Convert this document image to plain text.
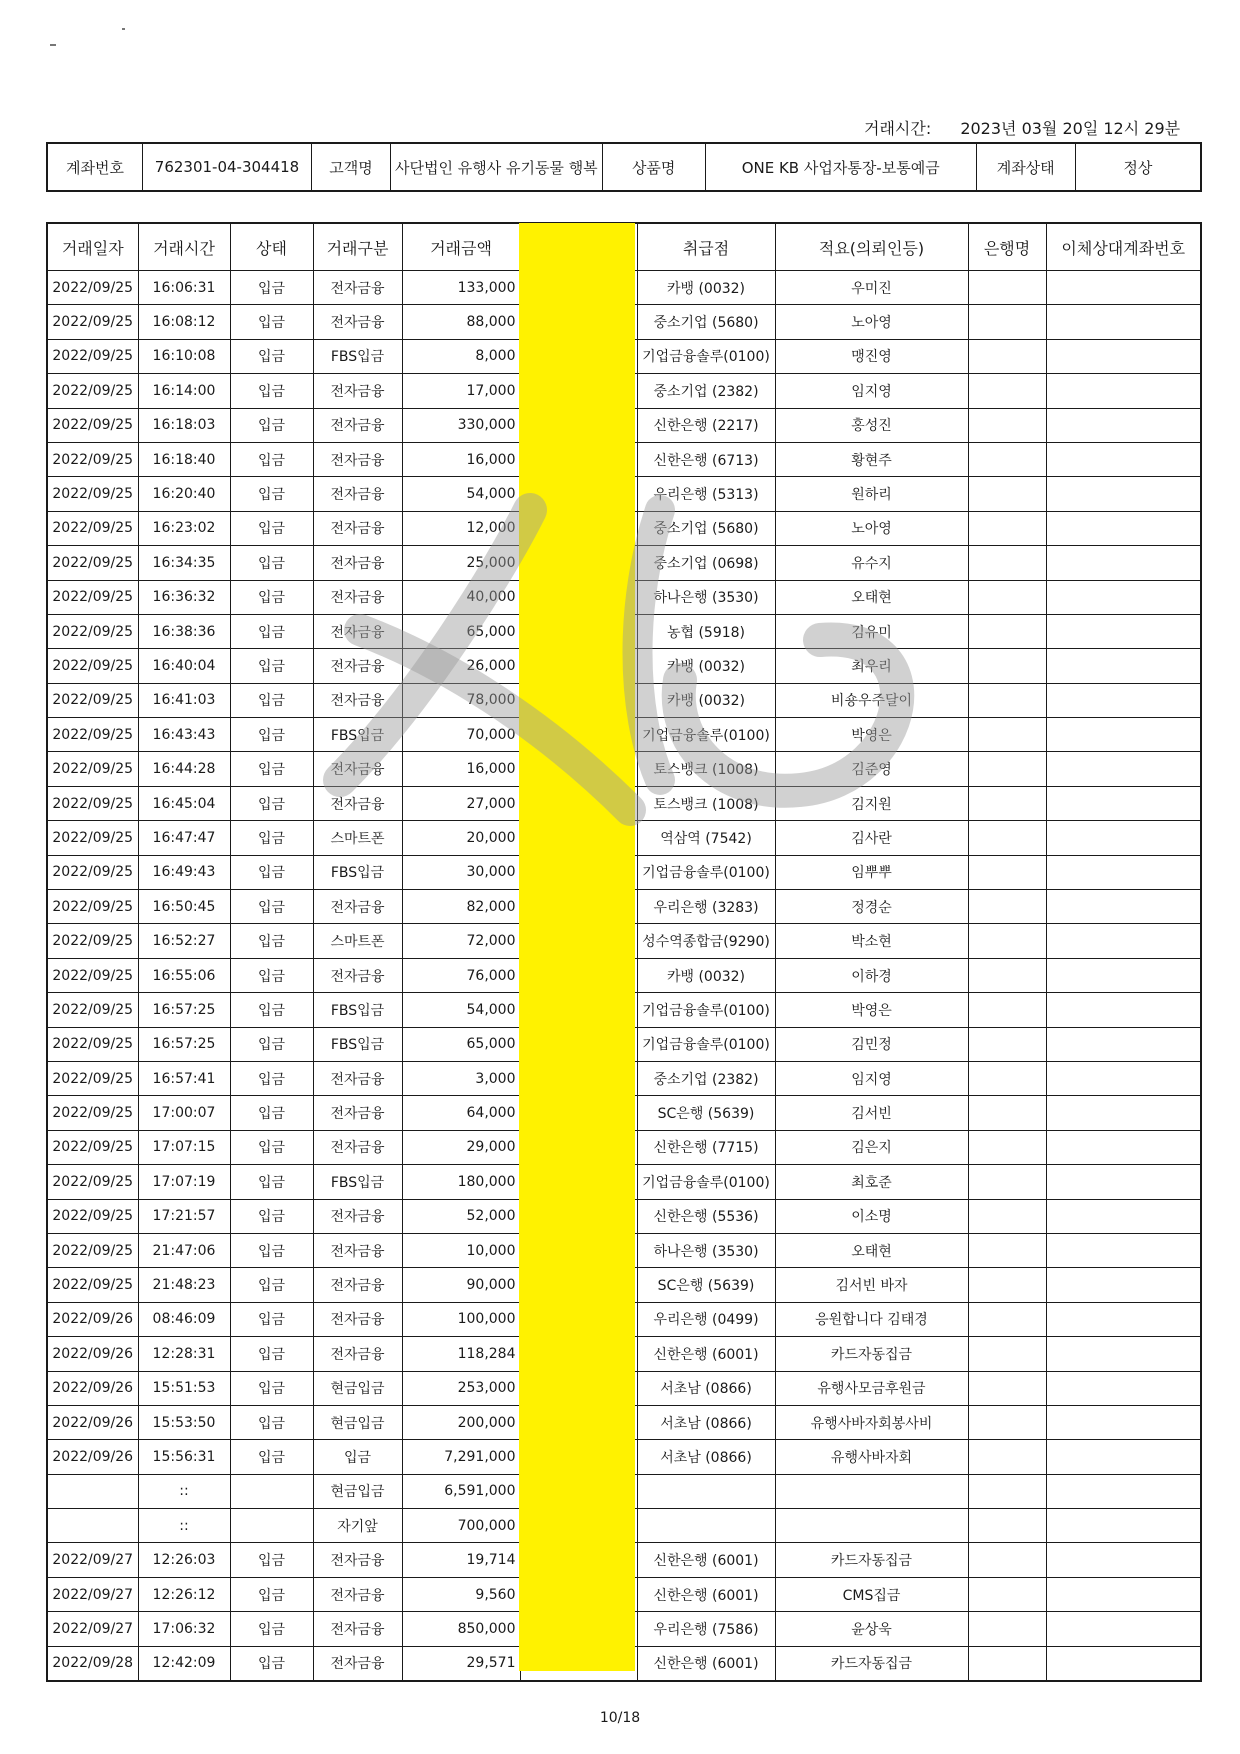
거래시간: 2023년 03월 20일 12시 29분
계좌번호	762301-04-304418	고객명	사단법인 유행사 유기동물 행복	상품명	ONE KB 사업자통장-보통예금	계좌상태	정상
거래일자	거래시간	상태	거래구분	거래금액		취급점	적요(의뢰인등)	은행명	이체상대계좌번호
2022/09/25	16:06:31	입금	전자금융	133,000		카뱅 (0032)	우미진		
2022/09/25	16:08:12	입금	전자금융	88,000		중소기업 (5680)	노아영		
2022/09/25	16:10:08	입금	FBS입금	8,000		기업금융솔루(0100)	맹진영		
2022/09/25	16:14:00	입금	전자금융	17,000		중소기업 (2382)	임지영		
2022/09/25	16:18:03	입금	전자금융	330,000		신한은행 (2217)	홍성진		
2022/09/25	16:18:40	입금	전자금융	16,000		신한은행 (6713)	황현주		
2022/09/25	16:20:40	입금	전자금융	54,000		우리은행 (5313)	원하리		
2022/09/25	16:23:02	입금	전자금융	12,000		중소기업 (5680)	노아영		
2022/09/25	16:34:35	입금	전자금융	25,000		중소기업 (0698)	유수지		
2022/09/25	16:36:32	입금	전자금융	40,000		하나은행 (3530)	오태현		
2022/09/25	16:38:36	입금	전자금융	65,000		농협 (5918)	김유미		
2022/09/25	16:40:04	입금	전자금융	26,000		카뱅 (0032)	최우리		
2022/09/25	16:41:03	입금	전자금융	78,000		카뱅 (0032)	비숑우주달이		
2022/09/25	16:43:43	입금	FBS입금	70,000		기업금융솔루(0100)	박영은		
2022/09/25	16:44:28	입금	전자금융	16,000		토스뱅크 (1008)	김준영		
2022/09/25	16:45:04	입금	전자금융	27,000		토스뱅크 (1008)	김지원		
2022/09/25	16:47:47	입금	스마트폰	20,000		역삼역 (7542)	김사란		
2022/09/25	16:49:43	입금	FBS입금	30,000		기업금융솔루(0100)	임뿌뿌		
2022/09/25	16:50:45	입금	전자금융	82,000		우리은행 (3283)	정경순		
2022/09/25	16:52:27	입금	스마트폰	72,000		성수역종합금(9290)	박소현		
2022/09/25	16:55:06	입금	전자금융	76,000		카뱅 (0032)	이하경		
2022/09/25	16:57:25	입금	FBS입금	54,000		기업금융솔루(0100)	박영은		
2022/09/25	16:57:25	입금	FBS입금	65,000		기업금융솔루(0100)	김민정		
2022/09/25	16:57:41	입금	전자금융	3,000		중소기업 (2382)	임지영		
2022/09/25	17:00:07	입금	전자금융	64,000		SC은행 (5639)	김서빈		
2022/09/25	17:07:15	입금	전자금융	29,000		신한은행 (7715)	김은지		
2022/09/25	17:07:19	입금	FBS입금	180,000		기업금융솔루(0100)	최호준		
2022/09/25	17:21:57	입금	전자금융	52,000		신한은행 (5536)	이소명		
2022/09/25	21:47:06	입금	전자금융	10,000		하나은행 (3530)	오태현		
2022/09/25	21:48:23	입금	전자금융	90,000		SC은행 (5639)	김서빈 바자		
2022/09/26	08:46:09	입금	전자금융	100,000		우리은행 (0499)	응원합니다 김태경		
2022/09/26	12:28:31	입금	전자금융	118,284		신한은행 (6001)	카드자동집금		
2022/09/26	15:51:53	입금	현금입금	253,000		서초남 (0866)	유행사모금후원금		
2022/09/26	15:53:50	입금	현금입금	200,000		서초남 (0866)	유행사바자회봉사비		
2022/09/26	15:56:31	입금	입금	7,291,000		서초남 (0866)	유행사바자회		
	::		현금입금	6,591,000					
	::		자기앞	700,000					
2022/09/27	12:26:03	입금	전자금융	19,714		신한은행 (6001)	카드자동집금		
2022/09/27	12:26:12	입금	전자금융	9,560		신한은행 (6001)	CMS집금		
2022/09/27	17:06:32	입금	전자금융	850,000		우리은행 (7586)	윤상욱		
2022/09/28	12:42:09	입금	전자금융	29,571		신한은행 (6001)	카드자동집금		
10/18
